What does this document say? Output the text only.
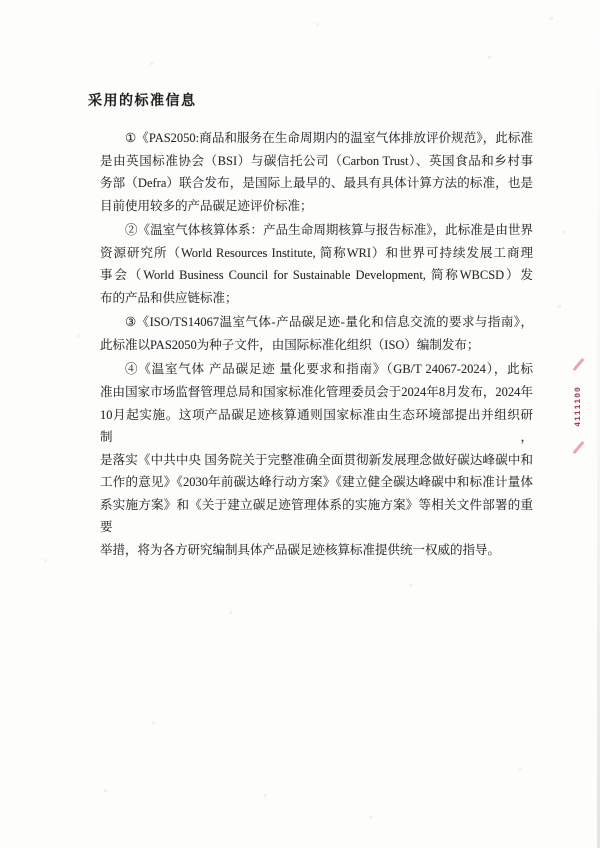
采用的标准信息
①《PAS2050:商品和服务在生命周期内的温室气体排放评价规范》，此标准
是由英国标准协会（BSI）与碳信托公司（Carbon Trust）、英国食品和乡村事
务部（Defra）联合发布，是国际上最早的、最具有具体计算方法的标准，也是
目前使用较多的产品碳足迹评价标准；
②《温室气体核算体系：产品生命周期核算与报告标准》，此标准是由世界
资源研究所（World Resources Institute, 简称WRI）和世界可持续发展工商理
事会（World Business Council for Sustainable Development, 简称WBCSD）发
布的产品和供应链标准；
③《ISO/TS14067温室气体-产品碳足迹-量化和信息交流的要求与指南》，
此标准以PAS2050为种子文件，由国际标准化组织（ISO）编制发布；
④《温室气体 产品碳足迹 量化要求和指南》（GB/T 24067-2024），此标
准由国家市场监督管理总局和国家标准化管理委员会于2024年8月发布，2024年
10月起实施。这项产品碳足迹核算通则国家标准由生态环境部提出并组织研制，
是落实《中共中央 国务院关于完整准确全面贯彻新发展理念做好碳达峰碳中和
工作的意见》《2030年前碳达峰行动方案》《建立健全碳达峰碳中和标准计量体
系实施方案》和《关于建立碳足迹管理体系的实施方案》等相关文件部署的重要
举措，将为各方研究编制具体产品碳足迹核算标准提供统一权威的指导。
4111100
